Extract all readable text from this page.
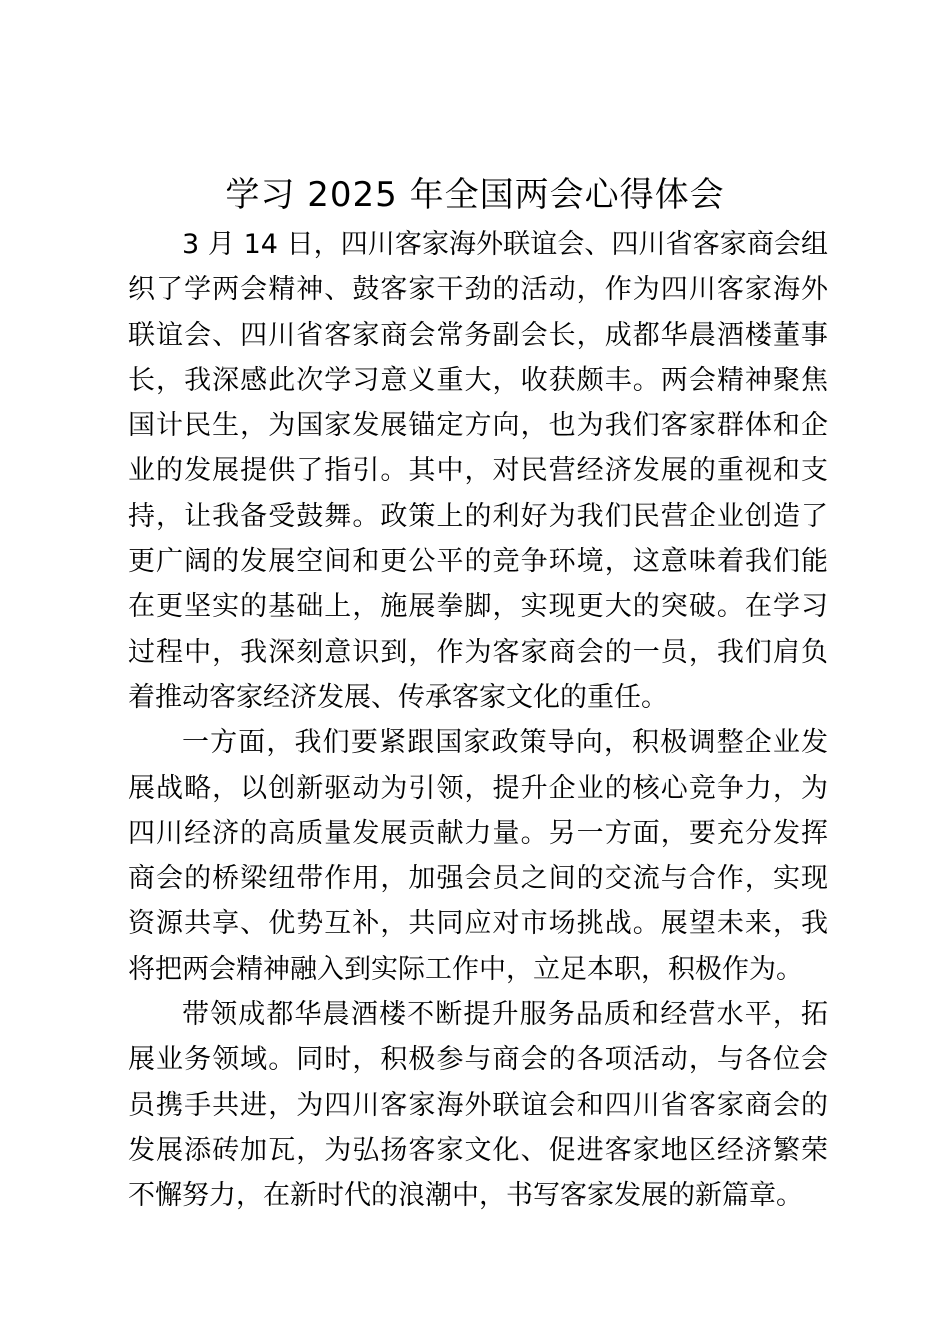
学习 2025 年全国两会心得体会

3 月 14 日，四川客家海外联谊会、四川省客家商会组织了学两会精神、鼓客家干劲的活动，作为四川客家海外联谊会、四川省客家商会常务副会长，成都华晨酒楼董事长，我深感此次学习意义重大，收获颇丰。两会精神聚焦国计民生，为国家发展锚定方向，也为我们客家群体和企业的发展提供了指引。其中，对民营经济发展的重视和支持，让我备受鼓舞。政策上的利好为我们民营企业创造了更广阔的发展空间和更公平的竞争环境，这意味着我们能在更坚实的基础上，施展拳脚，实现更大的突破。在学习过程中，我深刻意识到，作为客家商会的一员，我们肩负着推动客家经济发展、传承客家文化的重任。

一方面，我们要紧跟国家政策导向，积极调整企业发展战略，以创新驱动为引领，提升企业的核心竞争力，为四川经济的高质量发展贡献力量。另一方面，要充分发挥商会的桥梁纽带作用，加强会员之间的交流与合作，实现资源共享、优势互补，共同应对市场挑战。展望未来，我将把两会精神融入到实际工作中，立足本职，积极作为。

带领成都华晨酒楼不断提升服务品质和经营水平，拓展业务领域。同时，积极参与商会的各项活动，与各位会员携手共进，为四川客家海外联谊会和四川省客家商会的发展添砖加瓦，为弘扬客家文化、促进客家地区经济繁荣不懈努力，在新时代的浪潮中，书写客家发展的新篇章。
